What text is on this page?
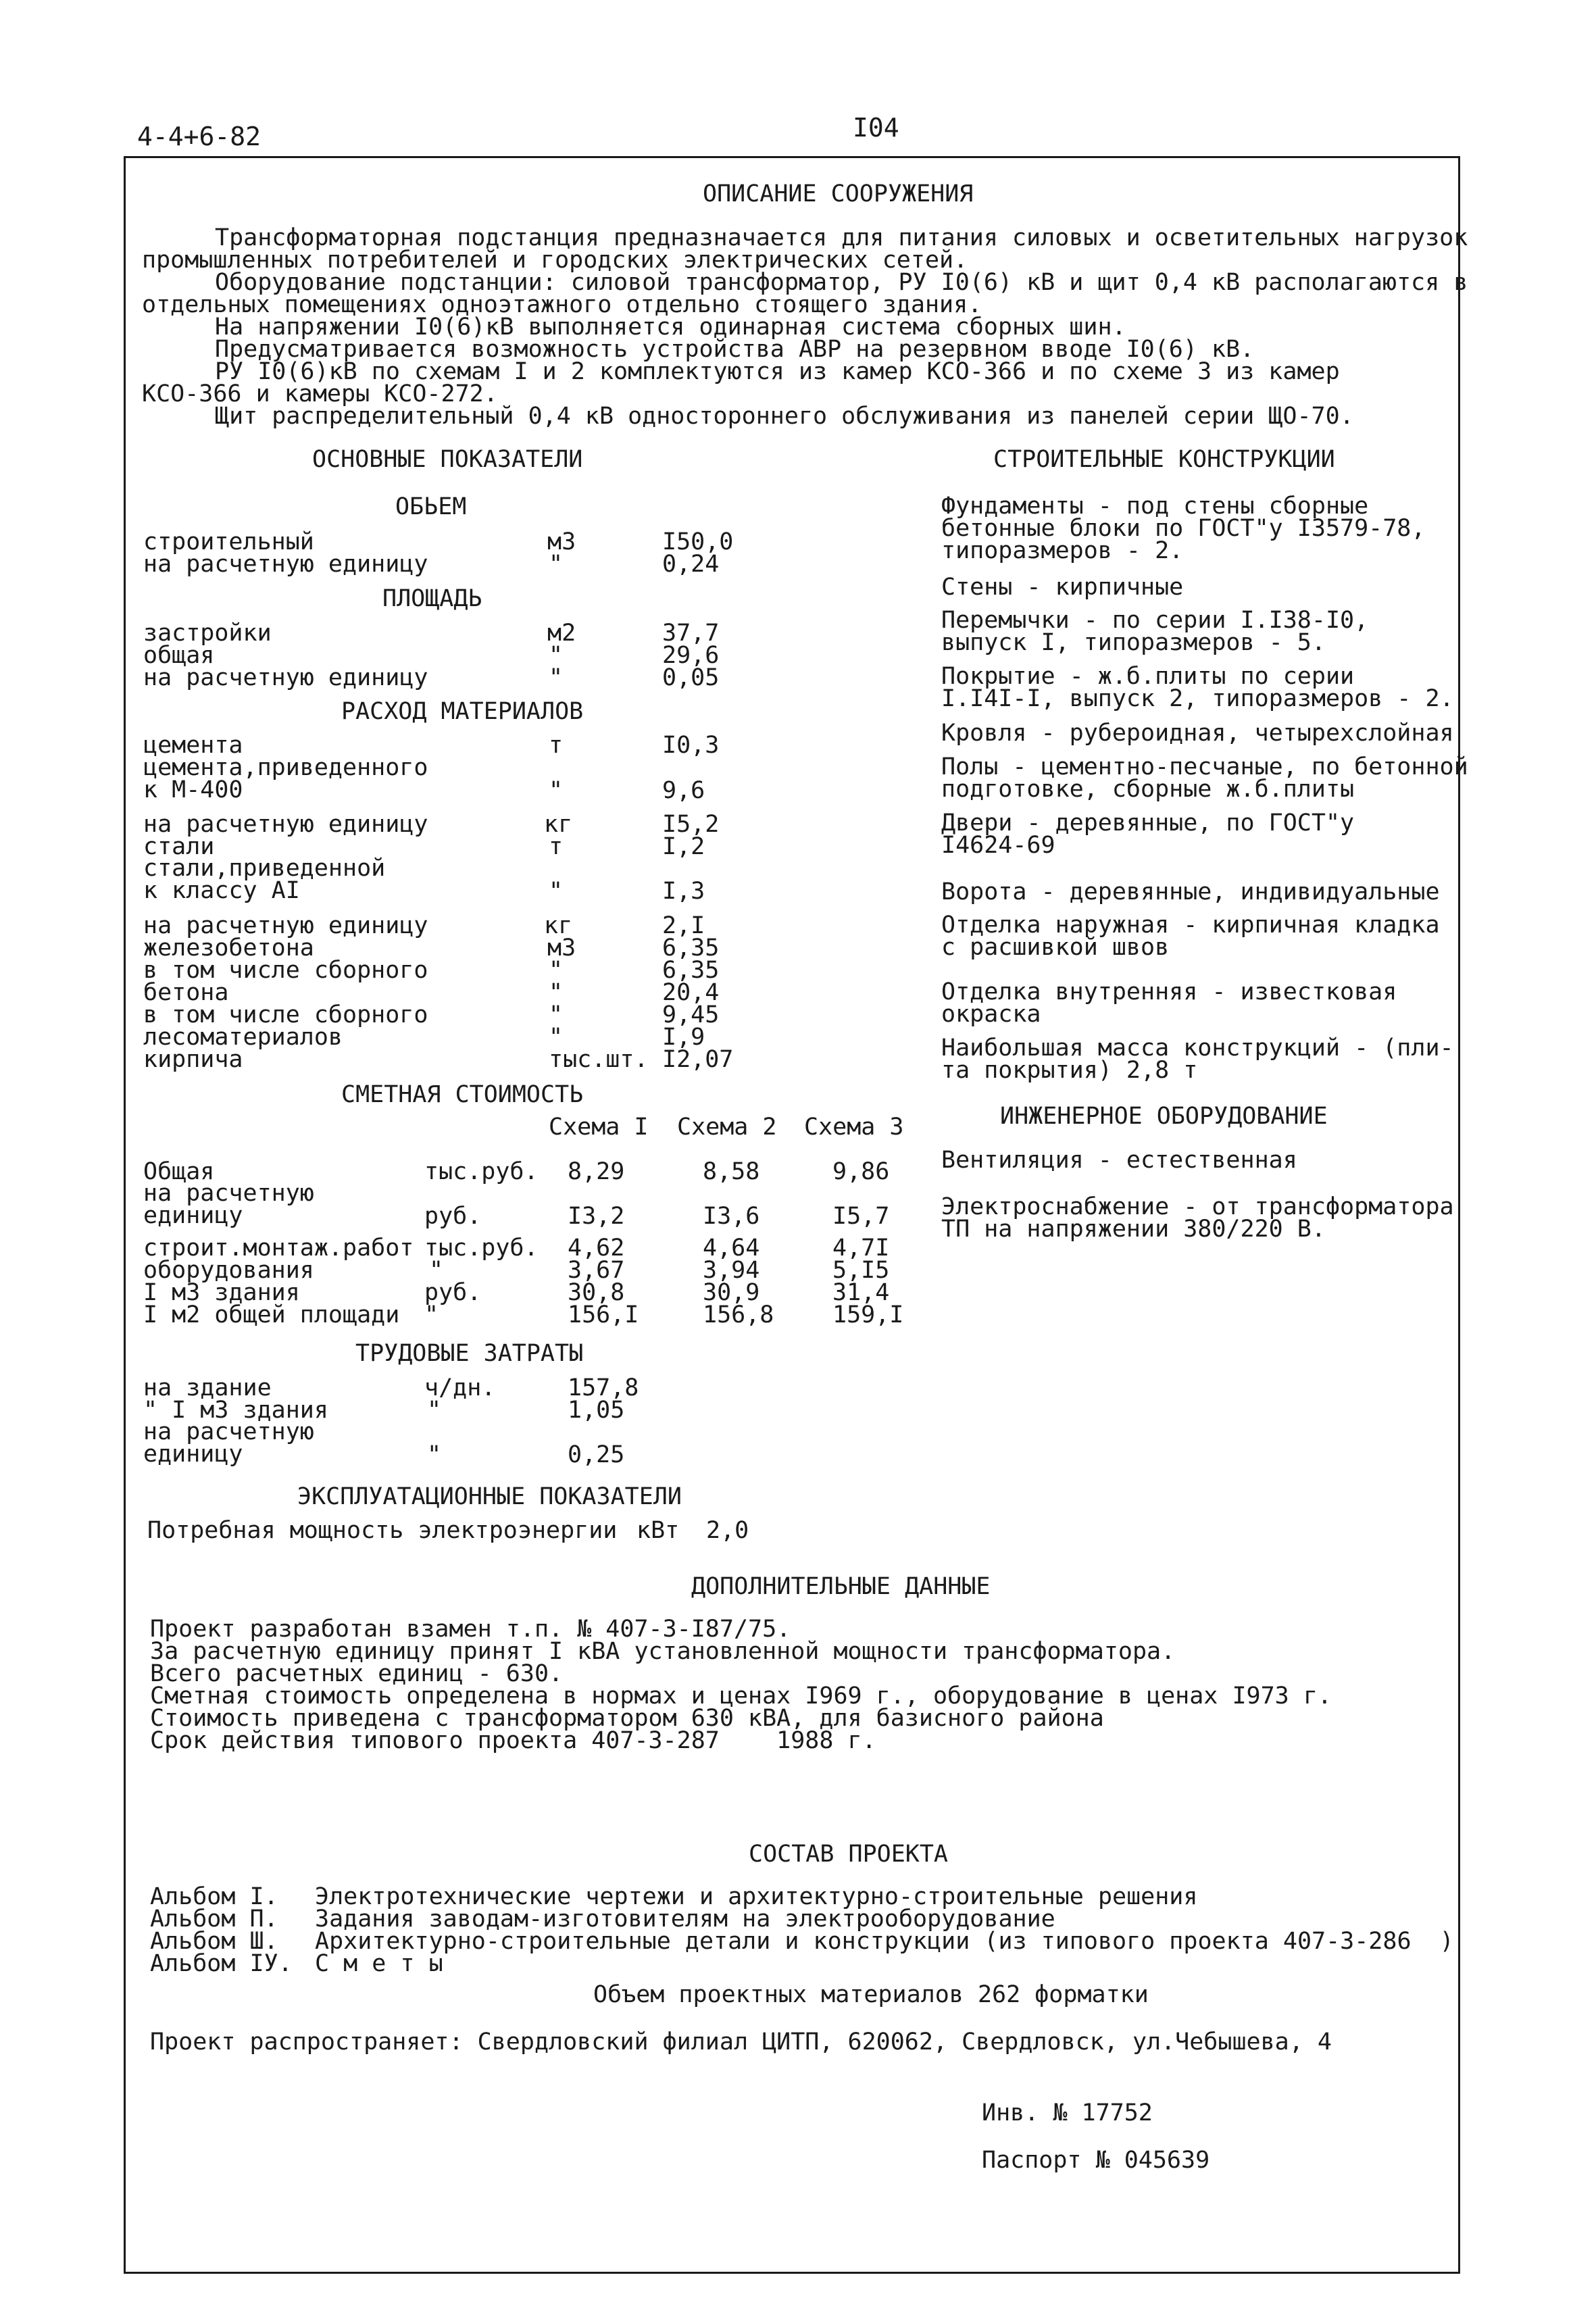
4-4+6-82	I04
ОПИСАНИЕ СООРУЖЕНИЯ
Трансформаторная подстанция предназначается для питания силовых и осветительных нагрузок
промышленных потребителей и городских электрических сетей.
Оборудование подстанции: силовой трансформатор, РУ I0(6) кВ и щит 0,4 кВ располагаются в
отдельных помещениях одноэтажного отдельно стоящего здания.
На напряжении I0(6)кВ выполняется одинарная система сборных шин.
Предусматривается возможность устройства АВР на резервном вводе I0(6) кВ.
РУ I0(6)кВ по схемам I и 2 комплектуются из камер КСО-366 и по схеме 3 из камер
КСО-366 и камеры КСО-272.
Щит распределительный 0,4 кВ одностороннего обслуживания из панелей серии ЩО-70.
ОСНОВНЫЕ ПОКАЗАТЕЛИ
ОБЬЕМ
строительный	м3	I50,0
на расчетную единицу	"	0,24
ПЛОЩАДЬ
застройки	м2	37,7
общая	"	29,6
на расчетную единицу	"	0,05
РАСХОД МАТЕРИАЛОВ
цемента	т	I0,3
цемента,приведенного
к М-400	"	9,6
на расчетную единицу	кг	I5,2
стали	т	I,2
стали,приведенной
к классу AI	"	I,3
на расчетную единицу	кг	2,I
железобетона	м3	6,35
в том числе сборного	"	6,35
бетона	"	20,4
в том числе сборного	"	9,45
лесоматериалов	"	I,9
кирпича	тыс.шт. I2,07
СМЕТНАЯ СТОИМОСТЬ
Схема I Схема 2 Схема 3
Общая	тыс.руб. 8,29	8,58	9,86
на расчетную
единицу	руб.	I3,2	I3,6	I5,7
строит.монтаж.работ тыс.руб. 4,62	4,64	4,7I
оборудования	"	3,67	3,94	5,I5
I м3 здания	руб.	30,8	30,9	31,4
I м2 общей площади "	156,I	156,8 159,I
ТРУДОВЫЕ ЗАТРАТЫ
на здание	ч/дн.	157,8
" I м3 здания	"	1,05
на расчетную
единицу	"	0,25
ЭКСПЛУАТАЦИОННЫЕ ПОКАЗАТЕЛИ
Потребная мощность электроэнергии кВт 2,0
СТРОИТЕЛЬНЫЕ КОНСТРУКЦИИ
Фундаменты - под стены сборные
бетонные блоки по ГОСТ"у I3579-78,
типоразмеров - 2.
Стены - кирпичные
Перемычки - по серии I.I38-I0,
выпуск I, типоразмеров - 5.
Покрытие - ж.б.плиты по серии
I.I4I-I, выпуск 2, типоразмеров - 2.
Кровля - рубероидная, четырехслойная
Полы - цементно-песчаные, по бетонной
подготовке, сборные ж.б.плиты
Двери - деревянные, по ГОСТ"у
I4624-69
Ворота - деревянные, индивидуальные
Отделка наружная - кирпичная кладка
с расшивкой швов
Отделка внутренняя - известковая
окраска
Наибольшая масса конструкций - (пли-
та покрытия) 2,8 т
ИНЖЕНЕРНОЕ ОБОРУДОВАНИЕ
Вентиляция - естественная
Электроснабжение - от трансформатора
ТП на напряжении 380/220 В.
ДОПОЛНИТЕЛЬНЫЕ ДАННЫЕ
Проект разработан взамен т.п. № 407-3-I87/75.
За расчетную единицу принят I кВА установленной мощности трансформатора.
Всего расчетных единиц - 630.
Сметная стоимость определена в нормах и ценах I969 г., оборудование в ценах I973 г.
Стоимость приведена с трансформатором 630 кВА, для базисного района
Срок действия типового проекта 407-3-287    1988 г.
СОСТАВ ПРОЕКТА
Альбом I. Электротехнические чертежи и архитектурно-строительные решения
Альбом П. Задания заводам-изготовителям на электрооборудование
Альбом Ш. Архитектурно-строительные детали и конструкции (из типового проекта 407-3-286  )
Альбом IУ. С м е т ы
Объем проектных материалов 262 форматки
Проект распространяет: Свердловский филиал ЦИТП, 620062, Свердловск, ул.Чебышева, 4
Инв. № 17752
Паспорт № 045639
